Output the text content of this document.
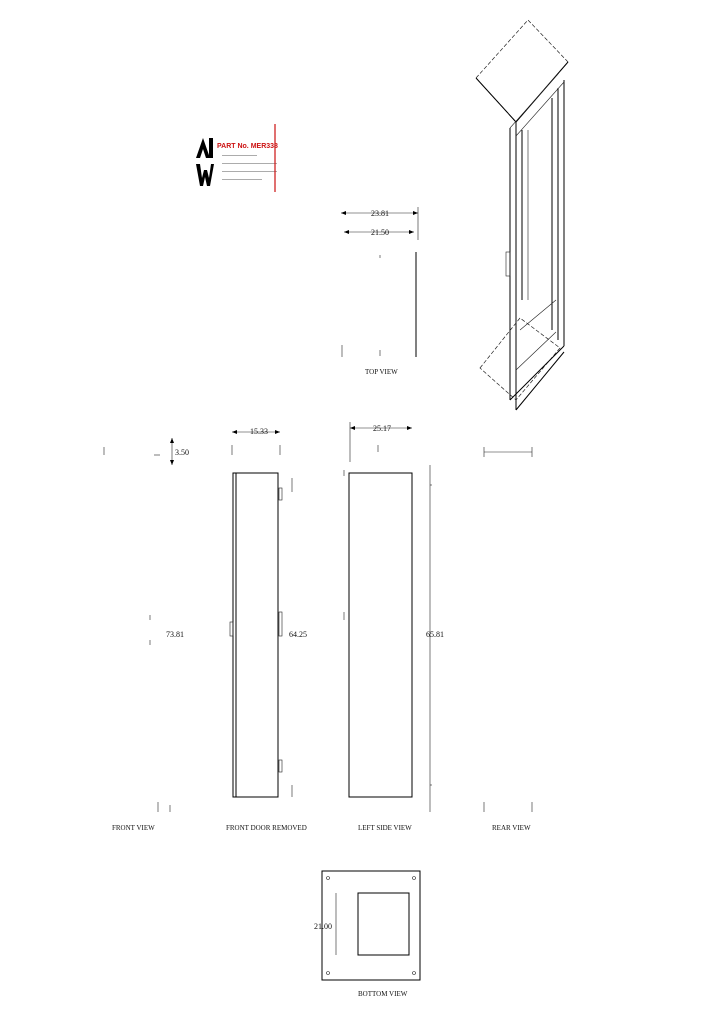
PART No. MER338
———————
———————————
———————————
————————
23.81
21.50
TOP VIEW
3.50
73.81
FRONT VIEW
15.33
64.25
FRONT DOOR REMOVED
25.17
65.81
LEFT SIDE VIEW	REAR VIEW
21.00
BOTTOM VIEW
